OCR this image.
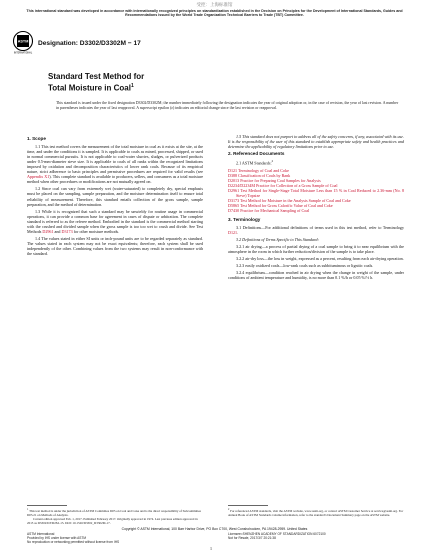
受控：上海标准馆
This international standard was developed in accordance with internationally recognized principles on standardization established in the Decision on Principles for the Development of International Standards, Guides and Recommendations issued by the World Trade Organization Technical Barriers to Trade (TBT) Committee.
ASTM
INTERNATIONAL
Designation: D3302/D3302M − 17
Standard Test Method for
Total Moisture in Coal$^1$
This standard is issued under the fixed designation D3302/D3302M; the number immediately following the designation indicates the year of original adoption or, in the case of revision, the year of last revision. A number in parentheses indicates the year of last reapproval. A superscript epsilon (ε) indicates an editorial change since the last revision or reapproval.
1. Scope

1.1 This test method covers the measurement of the total moisture in coal as it exists at the site, at the time, and under the conditions it is sampled. It is applicable to coals as mined, processed, shipped, or used in normal commercial pursuits. It is not applicable to coal-water slurries, sludges, or pulverized products under 0.5-mm-diameter sieve size. It is applicable to coals of all ranks within the recognized limitations imposed by oxidation and decomposition characteristics of lower rank coals. Because of its empirical nature, strict adherence to basic principles and permissive procedures are required for valid results (see Appendix X1). This complete standard is available to producers, sellers, and consumers as a total moisture method when other procedures or modifications are not mutually agreed on.

1.2 Since coal can vary from extremely wet (water-saturated) to completely dry, special emphasis must be placed on the sampling, sample preparation, and the moisture determination itself to ensure total reliability of measurement. Therefore, this standard entails collection of the gross sample, sample preparation, and the method of determination.

1.3 While it is recognized that such a standard may be unwieldy for routine usage in commercial operations, it can provide a common base for agreement in cases of dispute or arbitration. The complete standard is referred to as the referee method. Embodied in the standard is the commercial method starting with the crushed and divided sample when the gross sample is too too wet to crush and divide. See Test Methods D2961 and D3173 for other moisture methods.

1.4 The values stated in either SI units or inch-pound units are to be regarded separately as standard. The values stated in each system may not be exact equivalents; therefore, each system shall be used independently of the other. Combining values from the two systems may result in non-conformance with the standard.

1.5 This standard does not purport to address all of the safety concerns, if any, associated with its use. It is the responsibility of the user of this standard to establish appropriate safety and health practices and determine the applicability of regulatory limitations prior to use.

2. Referenced Documents

2.1 ASTM Standards:$^2$

D121 Terminology of Coal and Coke

D388 Classification of Coals by Rank

D2013 Practice for Preparing Coal Samples for Analysis

D2234/D2234M Practice for Collection of a Gross Sample of Coal

D2961 Test Method for Single-Stage Total Moisture Less than 15 % in Coal Reduced to 2.36-mm (No. 8 Sieve) Topsize

D3173 Test Method for Moisture in the Analysis Sample of Coal and Coke

D5865 Test Method for Gross Calorific Value of Coal and Coke

D7430 Practice for Mechanical Sampling of Coal

3. Terminology

3.1 Definitions—For additional definitions of terms used in this test method, refer to Terminology D121.

3.2 Definitions of Terms Specific to This Standard:

3.2.1 air drying—a process of partial drying of a coal sample to bring it to near equilibrium with the atmosphere in the room in which further reduction/division of the sample is to take place.

3.2.2 air-dry loss—the loss in weight, expressed as a percent, resulting from each air-drying operation.

3.2.3 easily oxidized coals—low-rank coals such as subbituminous or lignitic coals.

3.2.4 equilibrium—condition reached in air drying when the change in weight of the sample, under conditions of ambient temperature and humidity, is no more than 0.1 %/h or 0.05 %/½ h.

$^1$ This test method is under the jurisdiction of ASTM Committee D05 on Coal and Coke and is the direct responsibility of Subcommittee D05.21 on Methods of Analysis.
Current edition approved Feb. 1, 2017. Published February 2017. Originally approved in 1974. Last previous edition approved in 2015 as D3302/D3302M–15. DOI: 10.1520/D3302_D3302M-17.
$^2$ For referenced ASTM standards, visit the ASTM website, www.astm.org, or contact ASTM Customer Service at service@astm.org. For Annual Book of ASTM Standards volume information, refer to the standard's Document Summary page on the ASTM website.
Copyright © ASTM International, 100 Barr Harbor Drive, PO Box C700, West Conshohocken, PA 19428-2959. United States
ASTM International
Provided by IHS under license with ASTM
No reproduction or networking permitted without license from IHS
Licensee=SHENZHEN ACADEMY OF STANDARDIZATION 6072100
Not for Resale, 2017/3/7 20:21:38
1
